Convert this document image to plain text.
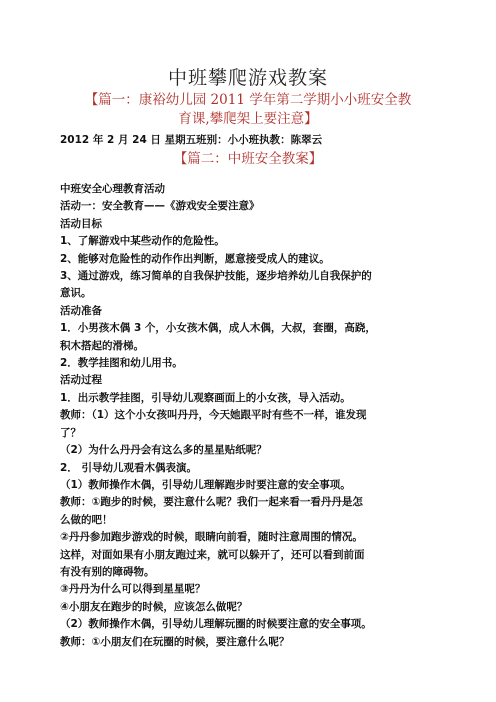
中班攀爬游戏教案
【篇一：康裕幼儿园 2011 学年第二学期小小班安全教
育课,攀爬架上要注意】
2012 年 2 月 24 日 星期五班别：小小班执教：陈翠云
【篇二：中班安全教案】
中班安全心理教育活动
活动一：安全教育——《游戏安全要注意》
活动目标
1、了解游戏中某些动作的危险性。
2、能够对危险性的动作作出判断，愿意接受成人的建议。
3、通过游戏，练习简单的自我保护技能，逐步培养幼儿自我保护的
意识。
活动准备
1．小男孩木偶 3 个，小女孩木偶，成人木偶，大叔，套圈，高跷，
积木搭起的滑梯。
2．教学挂图和幼儿用书。
活动过程
1．出示教学挂图，引导幼儿观察画面上的小女孩，导入活动。
教师：（1）这个小女孩叫丹丹，今天她跟平时有些不一样，谁发现
了？
（2）为什么丹丹会有这么多的星星贴纸呢？
2． 引导幼儿观看木偶表演。
（1）教师操作木偶，引导幼儿理解跑步时要注意的安全事项。
教师：①跑步的时候，要注意什么呢？我们一起来看一看丹丹是怎
么做的吧！
②丹丹参加跑步游戏的时候，眼睛向前看，随时注意周围的情况。
这样，对面如果有小朋友跑过来，就可以躲开了，还可以看到前面
有没有别的障碍物。
③丹丹为什么可以得到星星呢？
④小朋友在跑步的时候，应该怎么做呢？
（2）教师操作木偶，引导幼儿理解玩圈的时候要注意的安全事项。
教师：①小朋友们在玩圈的时候，要注意什么呢？
